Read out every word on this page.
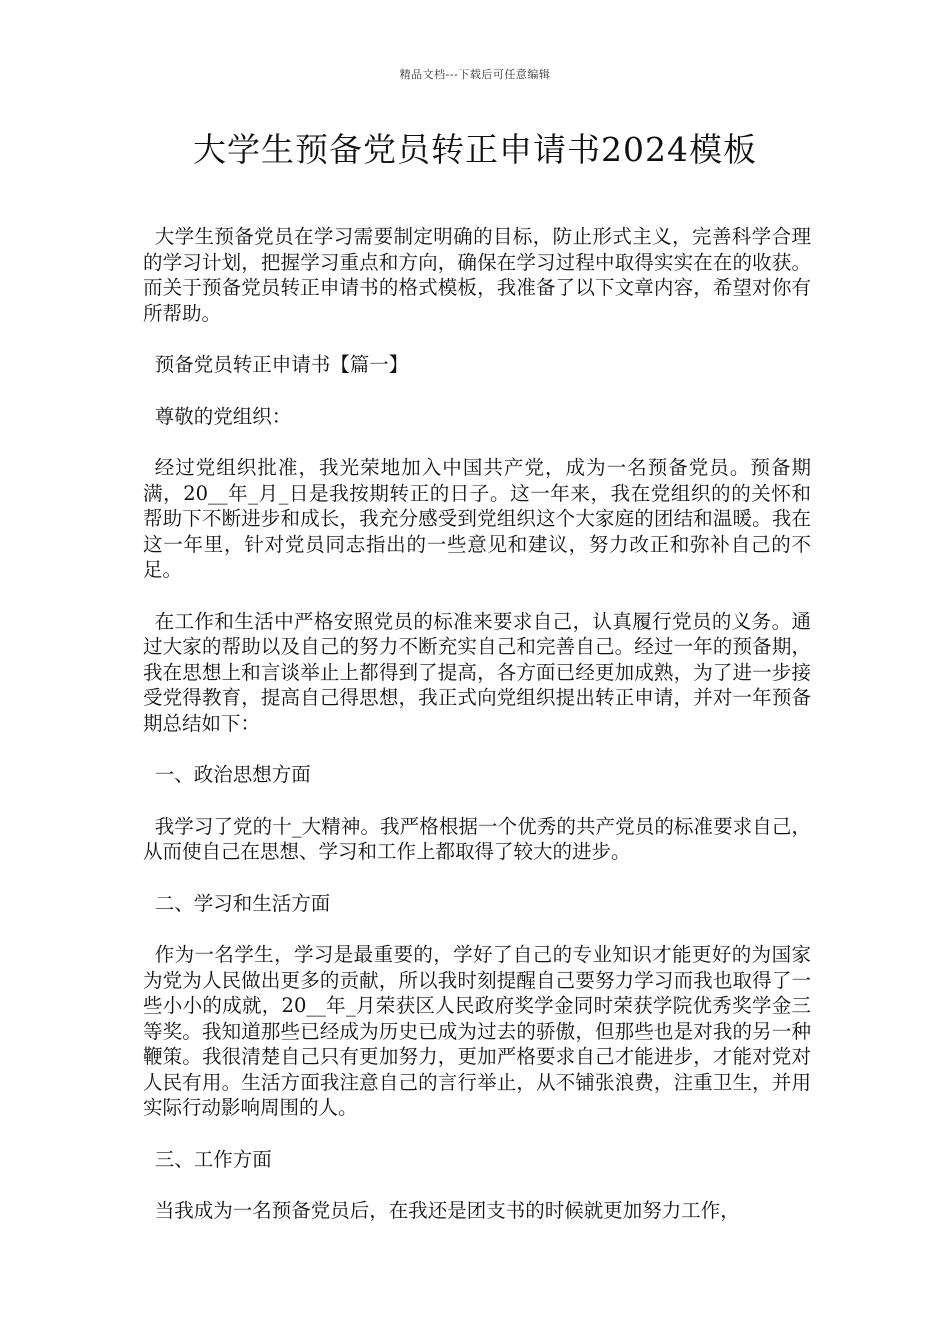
精品文档---下载后可任意编辑
大学生预备党员转正申请书2024模板

大学生预备党员在学习需要制定明确的目标，防止形式主义，完善科学合理的学习计划，把握学习重点和方向，确保在学习过程中取得实实在在的收获。而关于预备党员转正申请书的格式模板，我准备了以下文章内容，希望对你有所帮助。

预备党员转正申请书【篇一】

尊敬的党组织：

经过党组织批准，我光荣地加入中国共产党，成为一名预备党员。预备期满，20__年_月_日是我按期转正的日子。这一年来，我在党组织的的关怀和帮助下不断进步和成长，我充分感受到党组织这个大家庭的团结和温暖。我在这一年里，针对党员同志指出的一些意见和建议，努力改正和弥补自己的不足。

在工作和生活中严格安照党员的标准来要求自己，认真履行党员的义务。通过大家的帮助以及自己的努力不断充实自己和完善自己。经过一年的预备期，我在思想上和言谈举止上都得到了提高，各方面已经更加成熟，为了进一步接受党得教育，提高自己得思想，我正式向党组织提出转正申请，并对一年预备期总结如下：

一、政治思想方面

我学习了党的十_大精神。我严格根据一个优秀的共产党员的标准要求自己，从而使自己在思想、学习和工作上都取得了较大的进步。

二、学习和生活方面

作为一名学生，学习是最重要的，学好了自己的专业知识才能更好的为国家为党为人民做出更多的贡献，所以我时刻提醒自己要努力学习而我也取得了一些小小的成就，20__年_月荣获区人民政府奖学金同时荣获学院优秀奖学金三等奖。我知道那些已经成为历史已成为过去的骄傲，但那些也是对我的另一种鞭策。我很清楚自己只有更加努力，更加严格要求自己才能进步，才能对党对人民有用。生活方面我注意自己的言行举止，从不铺张浪费，注重卫生，并用实际行动影响周围的人。

三、工作方面

当我成为一名预备党员后，在我还是团支书的时候就更加努力工作，
